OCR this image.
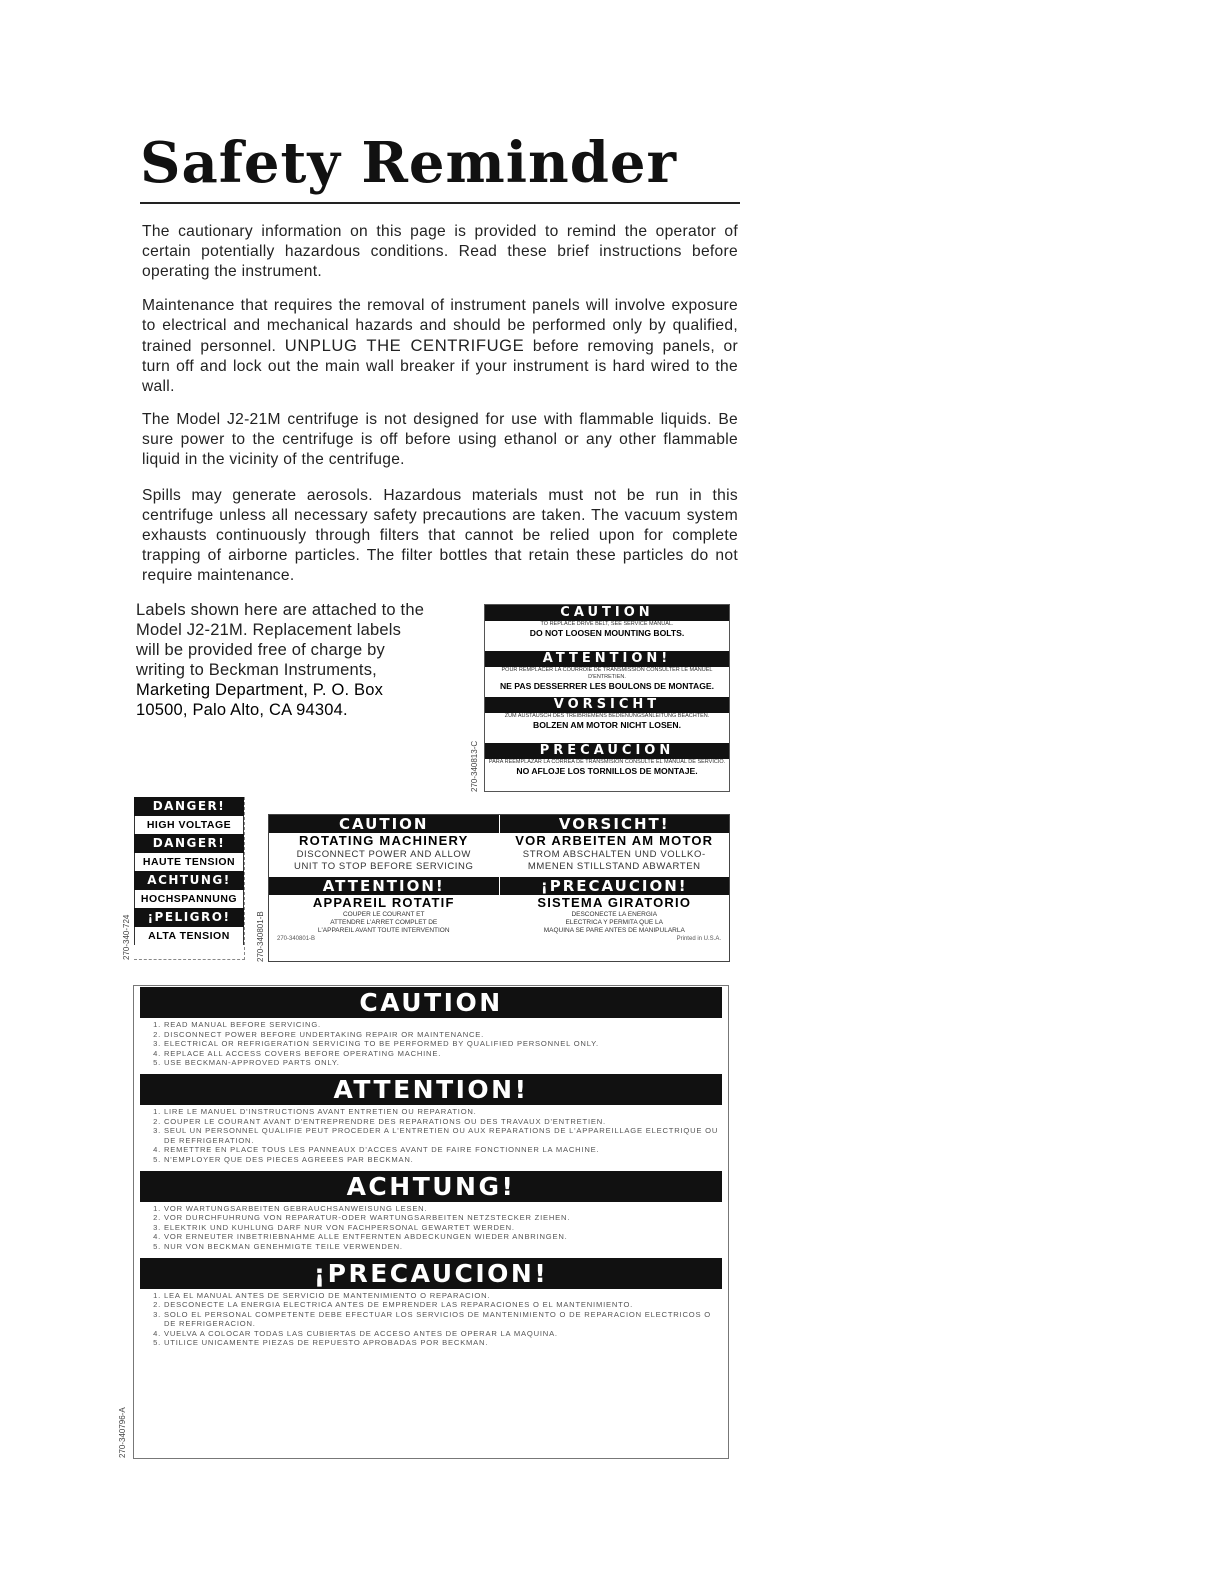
Safety Reminder

The cautionary information on this page is provided to remind the operator of certain potentially hazardous conditions. Read these brief instructions before operating the instrument.

Maintenance that requires the removal of instrument panels will involve exposure to electrical and mechanical hazards and should be performed only by qualified, trained personnel. UNPLUG THE CENTRIFUGE before removing panels, or turn off and lock out the main wall breaker if your instrument is hard wired to the wall.

The Model J2-21M centrifuge is not designed for use with flammable liquids. Be sure power to the centrifuge is off before using ethanol or any other flammable liquid in the vicinity of the centrifuge.

Spills may generate aerosols. Hazardous materials must not be run in this centrifuge unless all necessary safety precautions are taken. The vacuum system exhausts continuously through filters that cannot be relied upon for complete trapping of airborne particles. The filter bottles that retain these particles do not require maintenance.

Labels shown here are attached to the Model J2-21M. Replacement labels will be provided free of charge by writing to Beckman Instruments, Marketing Department, P. O. Box 10500, Palo Alto, CA 94304.

CAUTION
TO REPLACE DRIVE BELT, SEE SERVICE MANUAL.
DO NOT LOOSEN MOUNTING BOLTS.
ATTENTION!
POUR REMPLACER LA COURROIE DE TRANSMISSION CONSULTER LE MANUEL D'ENTRETIEN.
NE PAS DESSERRER LES BOULONS DE MONTAGE.
VORSICHT
ZUM AUSTAUSCH DES TREIBRIEMENS BEDIENUNGSANLEITUNG BEACHTEN.
BOLZEN AM MOTOR NICHT LOSEN.
PRECAUCION
PARA REEMPLAZAR LA CORREA DE TRANSMISION CONSULTE EL MANUAL DE SERVICIO.
NO AFLOJE LOS TORNILLOS DE MONTAJE.
270-340813-C
DANGER!
HIGH VOLTAGE
DANGER!
HAUTE TENSION
ACHTUNG!
HOCHSPANNUNG
¡PELIGRO!
ALTA TENSION
270-340-724
CAUTION
ROTATING MACHINERY
DISCONNECT POWER AND ALLOW
UNIT TO STOP BEFORE SERVICING
VORSICHT!
VOR ARBEITEN AM MOTOR
STROM ABSCHALTEN UND VOLLKO-
MMENEN STILLSTAND ABWARTEN
ATTENTION!
APPAREIL ROTATIF
COUPER LE COURANT ET
ATTENDRE L'ARRET COMPLET DE
L'APPAREIL AVANT TOUTE INTERVENTION
¡PRECAUCION!
SISTEMA GIRATORIO
DESCONECTE LA ENERGIA
ELECTRICA Y PERMITA QUE LA
MAQUINA SE PARE ANTES DE MANIPULARLA
270-340801-B	Printed in U.S.A.
270-340801-B
CAUTION
1. READ MANUAL BEFORE SERVICING.
2. DISCONNECT POWER BEFORE UNDERTAKING REPAIR OR MAINTENANCE.
3. ELECTRICAL OR REFRIGERATION SERVICING TO BE PERFORMED BY QUALIFIED PERSONNEL ONLY.
4. REPLACE ALL ACCESS COVERS BEFORE OPERATING MACHINE.
5. USE BECKMAN-APPROVED PARTS ONLY.
ATTENTION!
1. LIRE LE MANUEL D'INSTRUCTIONS AVANT ENTRETIEN OU REPARATION.
2. COUPER LE COURANT AVANT D'ENTREPRENDRE DES REPARATIONS OU DES TRAVAUX D'ENTRETIEN.
3. SEUL UN PERSONNEL QUALIFIE PEUT PROCEDER A L'ENTRETIEN OU AUX REPARATIONS DE L'APPAREILLAGE ELECTRIQUE OU DE REFRIGERATION.
4. REMETTRE EN PLACE TOUS LES PANNEAUX D'ACCES AVANT DE FAIRE FONCTIONNER LA MACHINE.
5. N'EMPLOYER QUE DES PIECES AGREEES PAR BECKMAN.
ACHTUNG!
1. VOR WARTUNGSARBEITEN GEBRAUCHSANWEISUNG LESEN.
2. VOR DURCHFUHRUNG VON REPARATUR-ODER WARTUNGSARBEITEN NETZSTECKER ZIEHEN.
3. ELEKTRIK UND KUHLUNG DARF NUR VON FACHPERSONAL GEWARTET WERDEN.
4. VOR ERNEUTER INBETRIEBNAHME ALLE ENTFERNTEN ABDECKUNGEN WIEDER ANBRINGEN.
5. NUR VON BECKMAN GENEHMIGTE TEILE VERWENDEN.
¡PRECAUCION!
1. LEA EL MANUAL ANTES DE SERVICIO DE MANTENIMIENTO O REPARACION.
2. DESCONECTE LA ENERGIA ELECTRICA ANTES DE EMPRENDER LAS REPARACIONES O EL MANTENIMIENTO.
3. SOLO EL PERSONAL COMPETENTE DEBE EFECTUAR LOS SERVICIOS DE MANTENIMIENTO O DE REPARACION ELECTRICOS O DE REFRIGERACION.
4. VUELVA A COLOCAR TODAS LAS CUBIERTAS DE ACCESO ANTES DE OPERAR LA MAQUINA.
5. UTILICE UNICAMENTE PIEZAS DE REPUESTO APROBADAS POR BECKMAN.
270-340796-A
